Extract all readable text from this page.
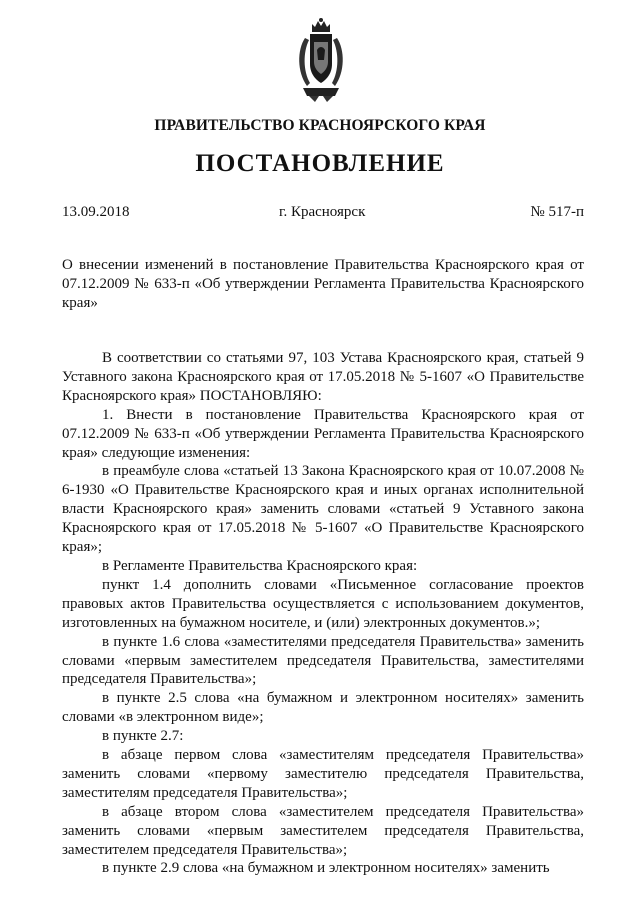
ПРАВИТЕЛЬСТВО КРАСНОЯРСКОГО КРАЯ
ПОСТАНОВЛЕНИЕ
13.09.2018	г. Красноярск	№ 517-п

О внесении изменений в постановление Правительства Красноярского края от 07.12.2009 № 633-п «Об утверждении Регламента Правительства Красноярского края»

В соответствии со статьями 97, 103 Устава Красноярского края, статьей 9 Уставного закона Красноярского края от 17.05.2018 № 5-1607 «О Правительстве Красноярского края» ПОСТАНОВЛЯЮ:

1. Внести в постановление Правительства Красноярского края от 07.12.2009 № 633-п «Об утверждении Регламента Правительства Красноярского края» следующие изменения:

в преамбуле слова «статьей 13 Закона Красноярского края от 10.07.2008 № 6-1930 «О Правительстве Красноярского края и иных органах исполнительной власти Красноярского края» заменить словами «статьей 9 Уставного закона Красноярского края от 17.05.2018 № 5-1607 «О Правительстве Красноярского края»;

в Регламенте Правительства Красноярского края:

пункт 1.4 дополнить словами «Письменное согласование проектов правовых актов Правительства осуществляется с использованием документов, изготовленных на бумажном носителе, и (или) электронных документов.»;

в пункте 1.6 слова «заместителями председателя Правительства» заменить словами «первым заместителем председателя Правительства, заместителями председателя Правительства»;

в пункте 2.5 слова «на бумажном и электронном носителях» заменить словами «в электронном виде»;

в пункте 2.7:

в абзаце первом слова «заместителям председателя Правительства» заменить словами «первому заместителю председателя Правительства, заместителям председателя Правительства»;

в абзаце втором слова «заместителем председателя Правительства» заменить словами «первым заместителем председателя Правительства, заместителем председателя Правительства»;

в пункте 2.9 слова «на бумажном и электронном носителях» заменить
